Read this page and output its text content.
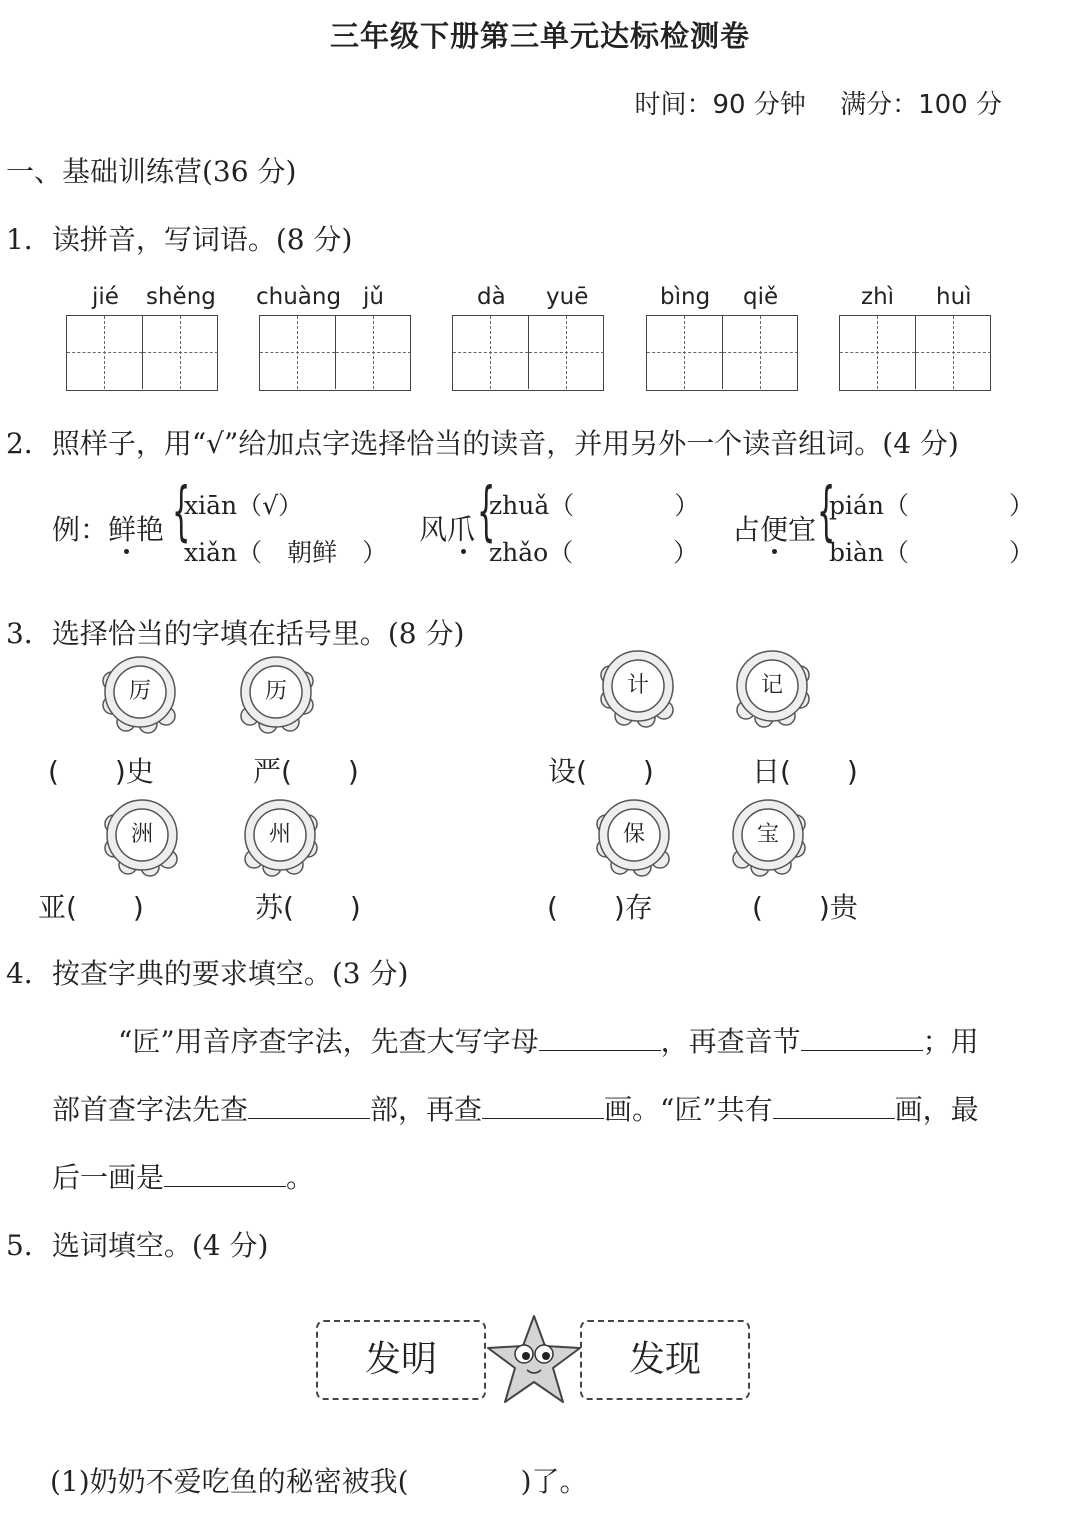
三年级下册第三单元达标检测卷
时间：90 分钟　 满分：100 分
一、基础训练营(36 分)
1．读拼音，写词语。(8 分)
jié shěng chuàng jǔ	dà yuē	bìng qiě	zhì huì
2．照样子，用“√”给加点字选择恰当的读音，并用另外一个读音组词。(4 分)
例：鲜艳 {
xiān（√）
xiǎn（　朝鲜　）
风爪 {
zhuǎ（　　　　）
zhǎo（　　　　）
占便宜 {
pián（　　　　）
biàn（　　　　）
3．选择恰当的字填在括号里。(8 分)
厉	历	计	记
(　　)史	严(　　)	设(　　)	日(　　)
洲	州	保	宝
亚(　　)	苏(　　)	(　　)存	(　　)贵
4．按查字典的要求填空。(3 分)
“匠”用音序查字法，先查大写字母	，再查音节	；用
部首查字法先查	部，再查	画。“匠”共有	画，最
后一画是	。
5．选词填空。(4 分)
发明	发现
(1)奶奶不爱吃鱼的秘密被我(　　　　)了。
